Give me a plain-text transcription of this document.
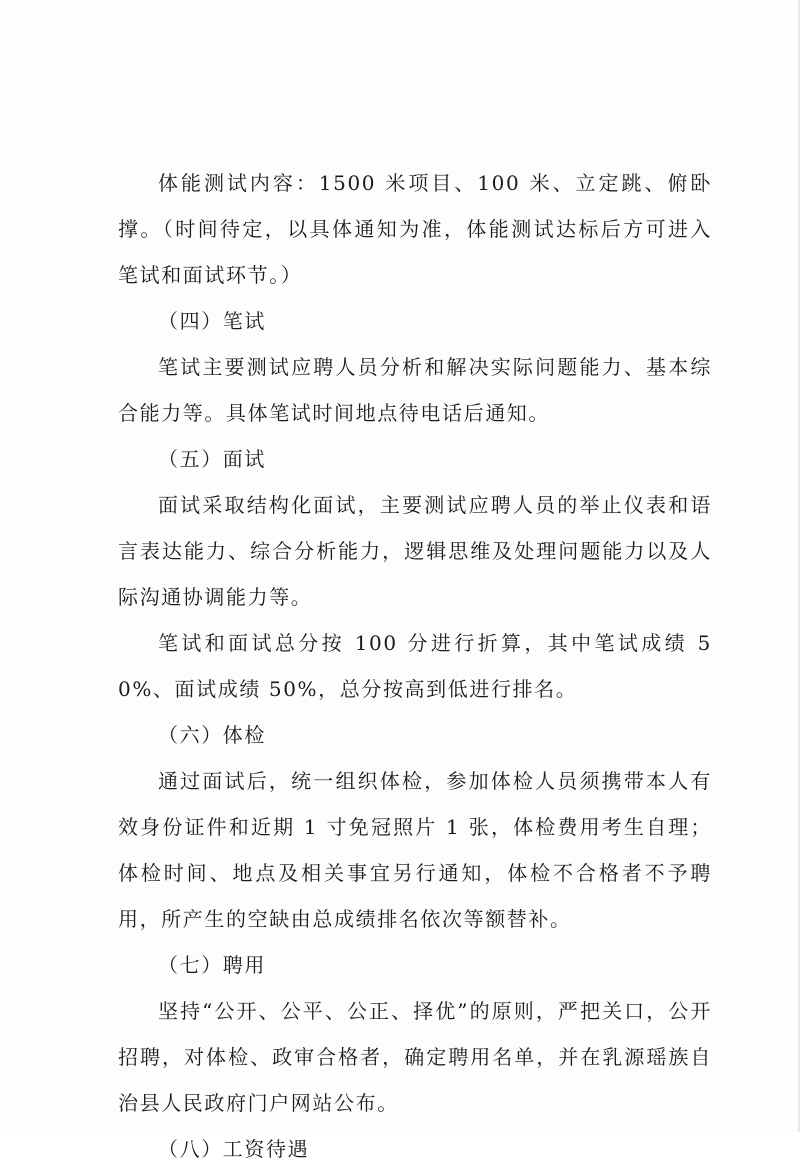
体能测试内容：1500 米项目、100 米、立定跳、俯卧撑。（时间待定，以具体通知为准，体能测试达标后方可进入笔试和面试环节。）

（四）笔试

笔试主要测试应聘人员分析和解决实际问题能力、基本综合能力等。具体笔试时间地点待电话后通知。

（五）面试

面试采取结构化面试，主要测试应聘人员的举止仪表和语言表达能力、综合分析能力，逻辑思维及处理问题能力以及人际沟通协调能力等。

笔试和面试总分按 100 分进行折算，其中笔试成绩 50%、面试成绩 50%，总分按高到低进行排名。

（六）体检

通过面试后，统一组织体检，参加体检人员须携带本人有效身份证件和近期 1 寸免冠照片 1 张，体检费用考生自理；体检时间、地点及相关事宜另行通知，体检不合格者不予聘用，所产生的空缺由总成绩排名依次等额替补。

（七）聘用

坚持“公开、公平、公正、择优”的原则，严把关口，公开招聘，对体检、政审合格者，确定聘用名单，并在乳源瑶族自治县人民政府门户网站公布。

（八）工资待遇
